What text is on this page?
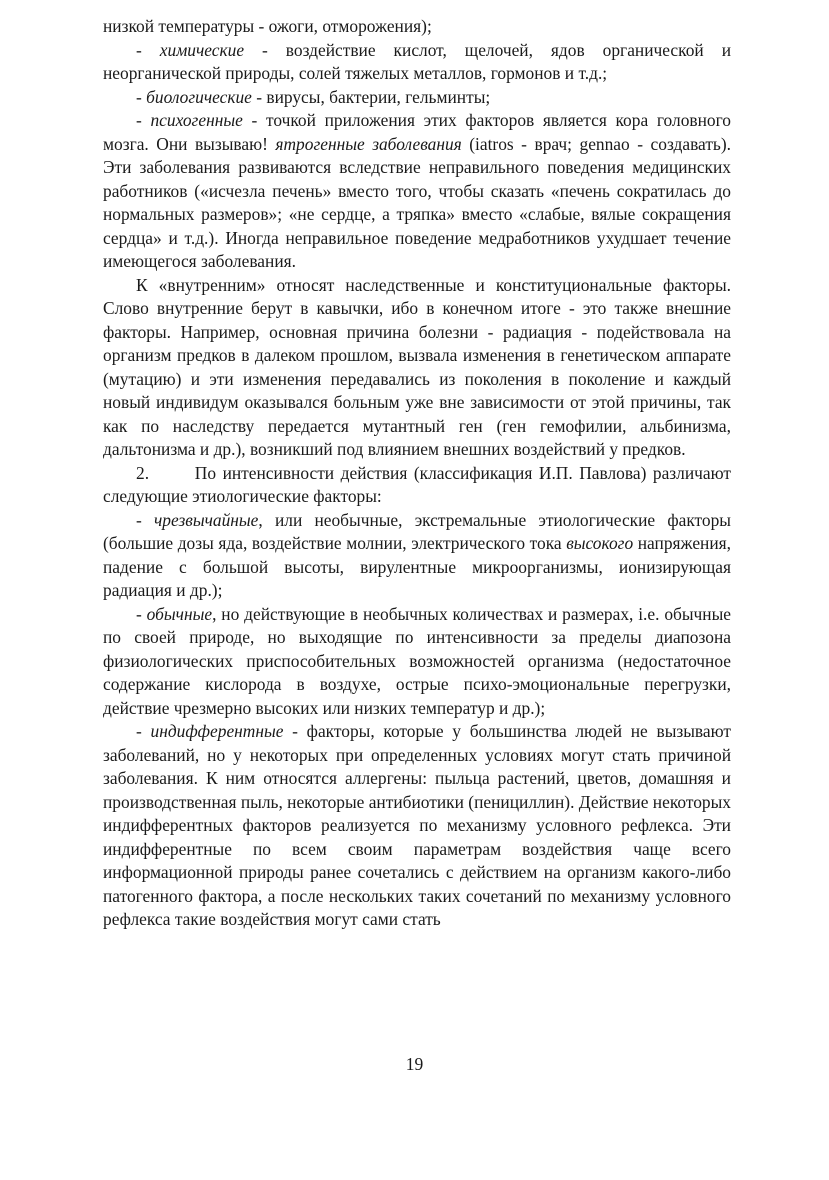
низкой температуры - ожоги, отморожения);

- химические - воздействие кислот, щелочей, ядов органической и неорганической природы, солей тяжелых металлов, гормонов и т.д.;

- биологические - вирусы, бактерии, гельминты;

- психогенные - точкой приложения этих факторов является кора головного мозга. Они вызываю! ятрогенные заболевания (iatros - врач; gennao - создавать). Эти заболевания развиваются вследствие неправильного поведения медицинских работников («исчезла печень» вместо того, чтобы сказать «печень сократилась до нормальных размеров»; «не сердце, а тряпка» вместо «слабые, вялые сокращения сердца» и т.д.). Иногда неправильное поведение медработников ухудшает течение имеющегося заболевания.

К «внутренним» относят наследственные и конституциональные факторы. Слово внутренние берут в кавычки, ибо в конечном итоге - это также внешние факторы. Например, основная причина болезни - радиация - подействовала на организм предков в далеком прошлом, вызвала изменения в генетическом аппарате (мутацию) и эти изменения передавались из поколения в поколение и каждый новый индивидум оказывался больным уже вне зависимости от этой причины, так как по наследству передается мутантный ген (ген гемофилии, альбинизма, дальтонизма и др.), возникший под влиянием внешних воздействий у предков.

2.	По интенсивности действия (классификация И.П. Павлова) различают следующие этиологические факторы:

- чрезвычайные, или необычные, экстремальные этиологические факторы (большие дозы яда, воздействие молнии, электрического тока высокого напряжения, падение с большой высоты, вирулентные микроорганизмы, ионизирующая радиация и др.);

- обычные, но действующие в необычных количествах и размерах, i.e. обычные по своей природе, но выходящие по интенсивности за пределы диапозона физиологических приспособительных возможностей организма (недостаточное содержание кислорода в воздухе, острые психо-эмоциональные перегрузки, действие чрезмерно высоких или низких температур и др.);

- индифферентные - факторы, которые у большинства людей не вызывают заболеваний, но у некоторых при определенных условиях могут стать причиной заболевания. К ним относятся аллергены: пыльца растений, цветов, домашняя и производственная пыль, некоторые антибиотики (пенициллин). Действие некоторых индифферентных факторов реализуется по механизму условного рефлекса. Эти индифферентные по всем своим параметрам воздействия чаще всего информационной природы ранее сочетались с действием на организм какого-либо патогенного фактора, а после нескольких таких сочетаний по механизму условного рефлекса такие воздействия могут сами стать

19
